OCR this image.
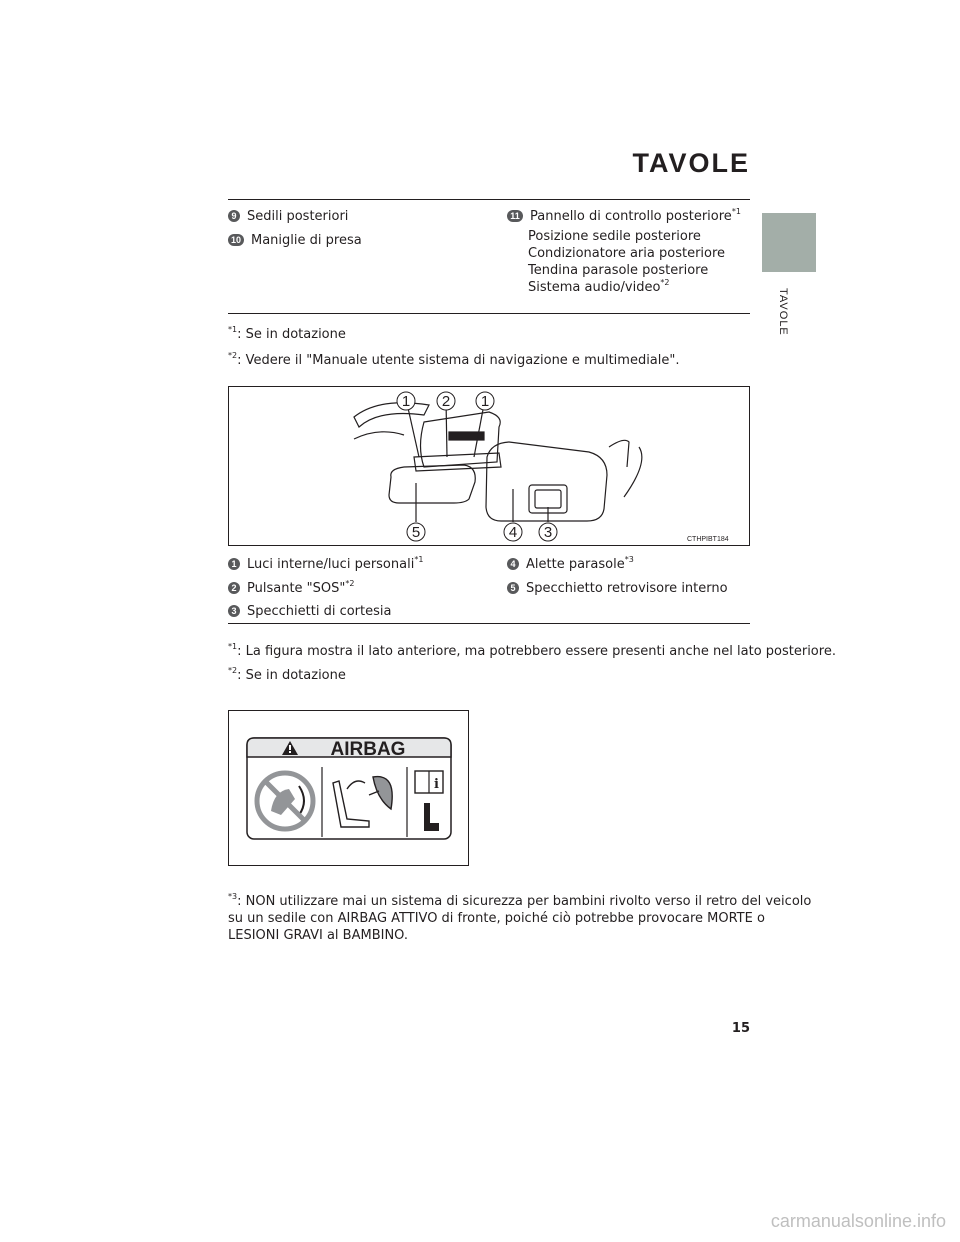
TAVOLE
TAVOLE
9 Sedili posteriori
10 Maniglie di presa
11 Pannello di controllo posteriore$^{*1}$
Posizione sedile posteriore
Condizionatore aria posteriore
Tendina parasole posteriore
Sistema audio/video$^{*2}$
$^{*1}$: Se in dotazione
$^{*2}$: Vedere il "Manuale utente sistema di navigazione e multimediale".
1 2 1
5	4 3	CTHPIBT184
1 Luci interne/luci personali$^{*1}$
2 Pulsante "SOS"$^{*2}$
3 Specchietti di cortesia
4 Alette parasole$^{*3}$
5 Specchietto retrovisore interno
$^{*1}$: La figura mostra il lato anteriore, ma potrebbero essere presenti anche nel lato posteriore.
$^{*2}$: Se in dotazione
AIRBAG
i
$^{*3}$: NON utilizzare mai un sistema di sicurezza per bambini rivolto verso il retro del veicolo
su un sedile con AIRBAG ATTIVO di fronte, poiché ciò potrebbe provocare MORTE o
LESIONI GRAVI al BAMBINO.
15
carmanualsonline.info
